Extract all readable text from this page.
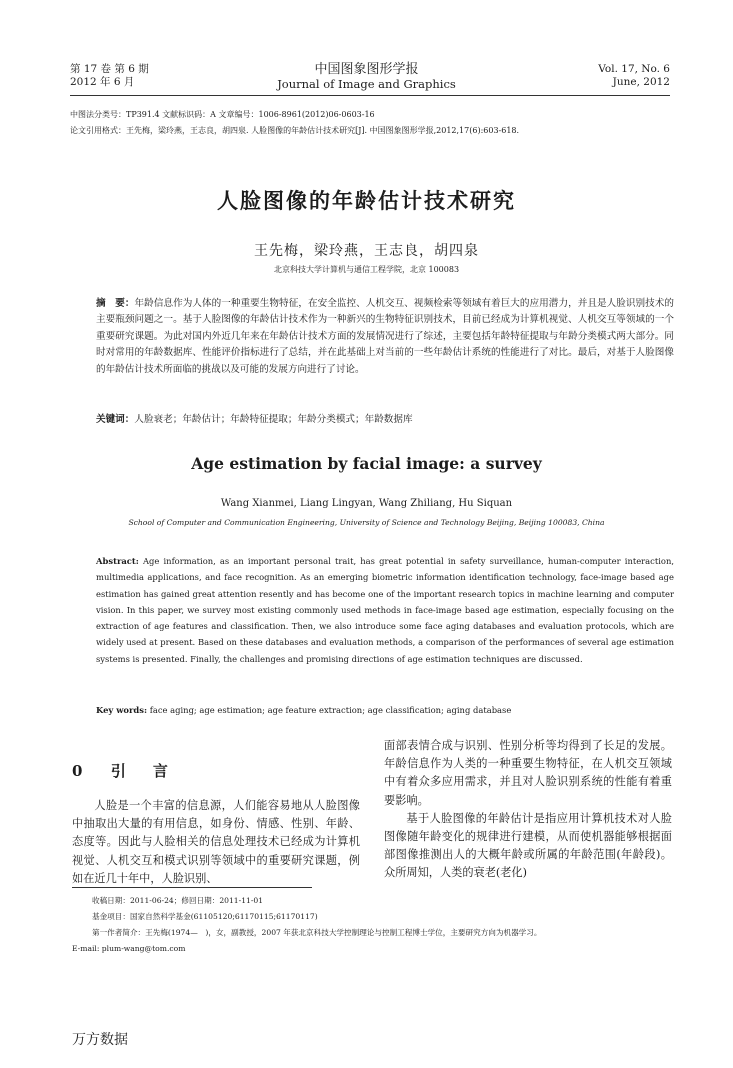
第 17 卷 第 6 期
2012 年 6 月
中国图象图形学报
Journal of Image and Graphics
Vol. 17, No. 6
June, 2012
中图法分类号：TP391.4 文献标识码：A 文章编号：1006-8961(2012)06-0603-16
论文引用格式：王先梅，梁玲燕，王志良，胡四泉. 人脸图像的年龄估计技术研究[J]. 中国图象图形学报,2012,17(6):603-618.
人脸图像的年龄估计技术研究
王先梅，梁玲燕，王志良，胡四泉
北京科技大学计算机与通信工程学院，北京 100083
摘　要：年龄信息作为人体的一种重要生物特征，在安全监控、人机交互、视频检索等领域有着巨大的应用潜力，并且是人脸识别技术的主要瓶颈问题之一。基于人脸图像的年龄估计技术作为一种新兴的生物特征识别技术，目前已经成为计算机视觉、人机交互等领域的一个重要研究课题。为此对国内外近几年来在年龄估计技术方面的发展情况进行了综述，主要包括年龄特征提取与年龄分类模式两大部分。同时对常用的年龄数据库、性能评价指标进行了总结，并在此基础上对当前的一些年龄估计系统的性能进行了对比。最后，对基于人脸图像的年龄估计技术所面临的挑战以及可能的发展方向进行了讨论。
关键词：人脸衰老；年龄估计；年龄特征提取；年龄分类模式；年龄数据库
Age estimation by facial image: a survey
Wang Xianmei, Liang Lingyan, Wang Zhiliang, Hu Siquan
School of Computer and Communication Engineering, University of Science and Technology Beijing, Beijing 100083, China
Abstract: Age information, as an important personal trait, has great potential in safety surveillance, human-computer interaction, multimedia applications, and face recognition. As an emerging biometric information identification technology, face-image based age estimation has gained great attention resently and has become one of the important research topics in machine learning and computer vision. In this paper, we survey most existing commonly used methods in face-image based age estimation, especially focusing on the extraction of age features and classification. Then, we also introduce some face aging databases and evaluation protocols, which are widely used at present. Based on these databases and evaluation methods, a comparison of the performances of several age estimation systems is presented. Finally, the challenges and promising directions of age estimation techniques are discussed.
Key words: face aging; age estimation; age feature extraction; age classification; aging database
0 引　言

人脸是一个丰富的信息源，人们能容易地从人脸图像中抽取出大量的有用信息，如身份、情感、性别、年龄、态度等。因此与人脸相关的信息处理技术已经成为计算机视觉、人机交互和模式识别等领域中的重要研究课题，例如在近几十年中，人脸识别、

面部表情合成与识别、性别分析等均得到了长足的发展。年龄信息作为人类的一种重要生物特征，在人机交互领域中有着众多应用需求，并且对人脸识别系统的性能有着重要影响。

基于人脸图像的年龄估计是指应用计算机技术对人脸图像随年龄变化的规律进行建模，从而使机器能够根据面部图像推测出人的大概年龄或所属的年龄范围(年龄段)。众所周知，人类的衰老(老化)

收稿日期：2011-06-24；修回日期：2011-11-01
基金项目：国家自然科学基金(61105120;61170115;61170117)
第一作者简介：王先梅(1974—　)，女，副教授，2007 年获北京科技大学控制理论与控制工程博士学位，主要研究方向为机器学习。
E-mail: plum-wang@tom.com
万方数据
